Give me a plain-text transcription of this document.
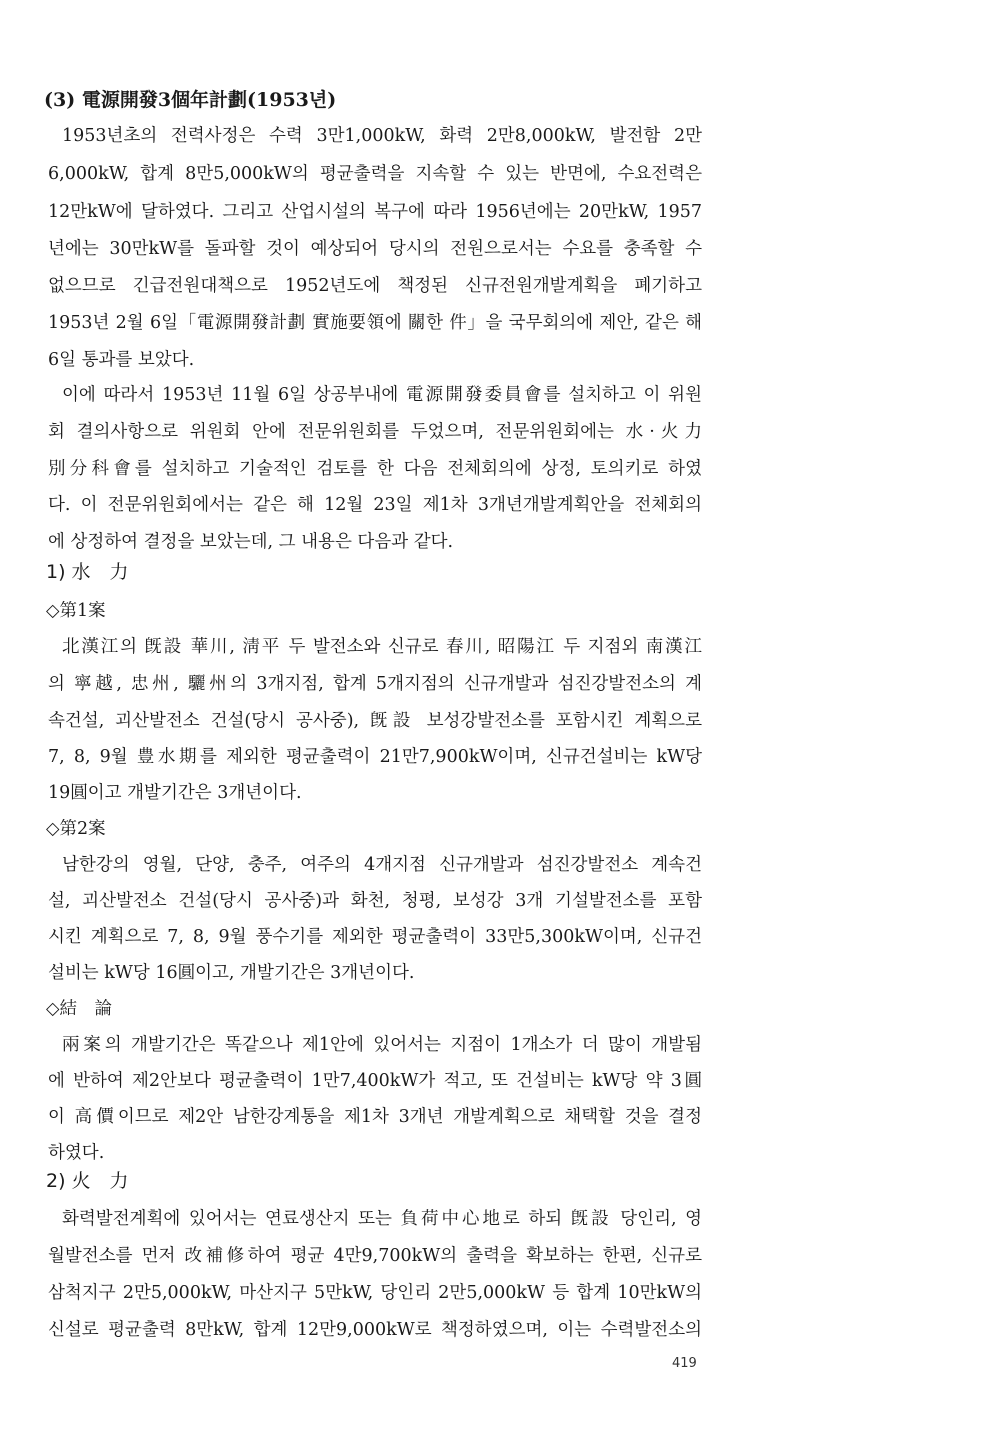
(3) 電源開發3個年計劃(1953년)
1953년초의 전력사정은 수력 3만1,000kW, 화력 2만8,000kW, 발전함 2만
6,000kW, 합계 8만5,000kW의 평균출력을 지속할 수 있는 반면에, 수요전력은
12만kW에 달하였다. 그리고 산업시설의 복구에 따라 1956년에는 20만kW, 1957
년에는 30만kW를 돌파할 것이 예상되어 당시의 전원으로서는 수요를 충족할 수
없으므로 긴급전원대책으로 1952년도에 책정된 신규전원개발계획을 폐기하고
1953년 2월 6일「電源開發計劃 實施要領에 關한 件」을 국무회의에 제안, 같은 해
6일 통과를 보았다.
이에 따라서 1953년 11월 6일 상공부내에 電源開發委員會를 설치하고 이 위원
회 결의사항으로 위원회 안에 전문위원회를 두었으며, 전문위원회에는 水·火力
別分科會를 설치하고 기술적인 검토를 한 다음 전체회의에 상정, 토의키로 하였
다. 이 전문위원회에서는 같은 해 12월 23일 제1차 3개년개발계획안을 전체회의
에 상정하여 결정을 보았는데, 그 내용은 다음과 같다.
1) 水　力
◇第1案
北漢江의 旣設 華川, 淸平 두 발전소와 신규로 春川, 昭陽江 두 지점외 南漢江
의 寧越, 忠州, 驪州의 3개지점, 합계 5개지점의 신규개발과 섬진강발전소의 계
속건설, 괴산발전소 건설(당시 공사중), 旣設 보성강발전소를 포함시킨 계획으로
7, 8, 9월 豊水期를 제외한 평균출력이 21만7,900kW이며, 신규건설비는 kW당
19圓이고 개발기간은 3개년이다.
◇第2案
남한강의 영월, 단양, 충주, 여주의 4개지점 신규개발과 섬진강발전소 계속건
설, 괴산발전소 건설(당시 공사중)과 화천, 청평, 보성강 3개 기설발전소를 포함
시킨 계획으로 7, 8, 9월 풍수기를 제외한 평균출력이 33만5,300kW이며, 신규건
설비는 kW당 16圓이고, 개발기간은 3개년이다.
◇結　論
兩案의 개발기간은 똑같으나 제1안에 있어서는 지점이 1개소가 더 많이 개발됨
에 반하여 제2안보다 평균출력이 1만7,400kW가 적고, 또 건설비는 kW당 약 3圓
이 高價이므로 제2안 남한강계통을 제1차 3개년 개발계획으로 채택할 것을 결정
하였다.
2) 火　力
화력발전계획에 있어서는 연료생산지 또는 負荷中心地로 하되 旣設 당인리, 영
월발전소를 먼저 改補修하여 평균 4만9,700kW의 출력을 확보하는 한편, 신규로
삼척지구 2만5,000kW, 마산지구 5만kW, 당인리 2만5,000kW 등 합계 10만kW의
신설로 평균출력 8만kW, 합계 12만9,000kW로 책정하였으며, 이는 수력발전소의
419
